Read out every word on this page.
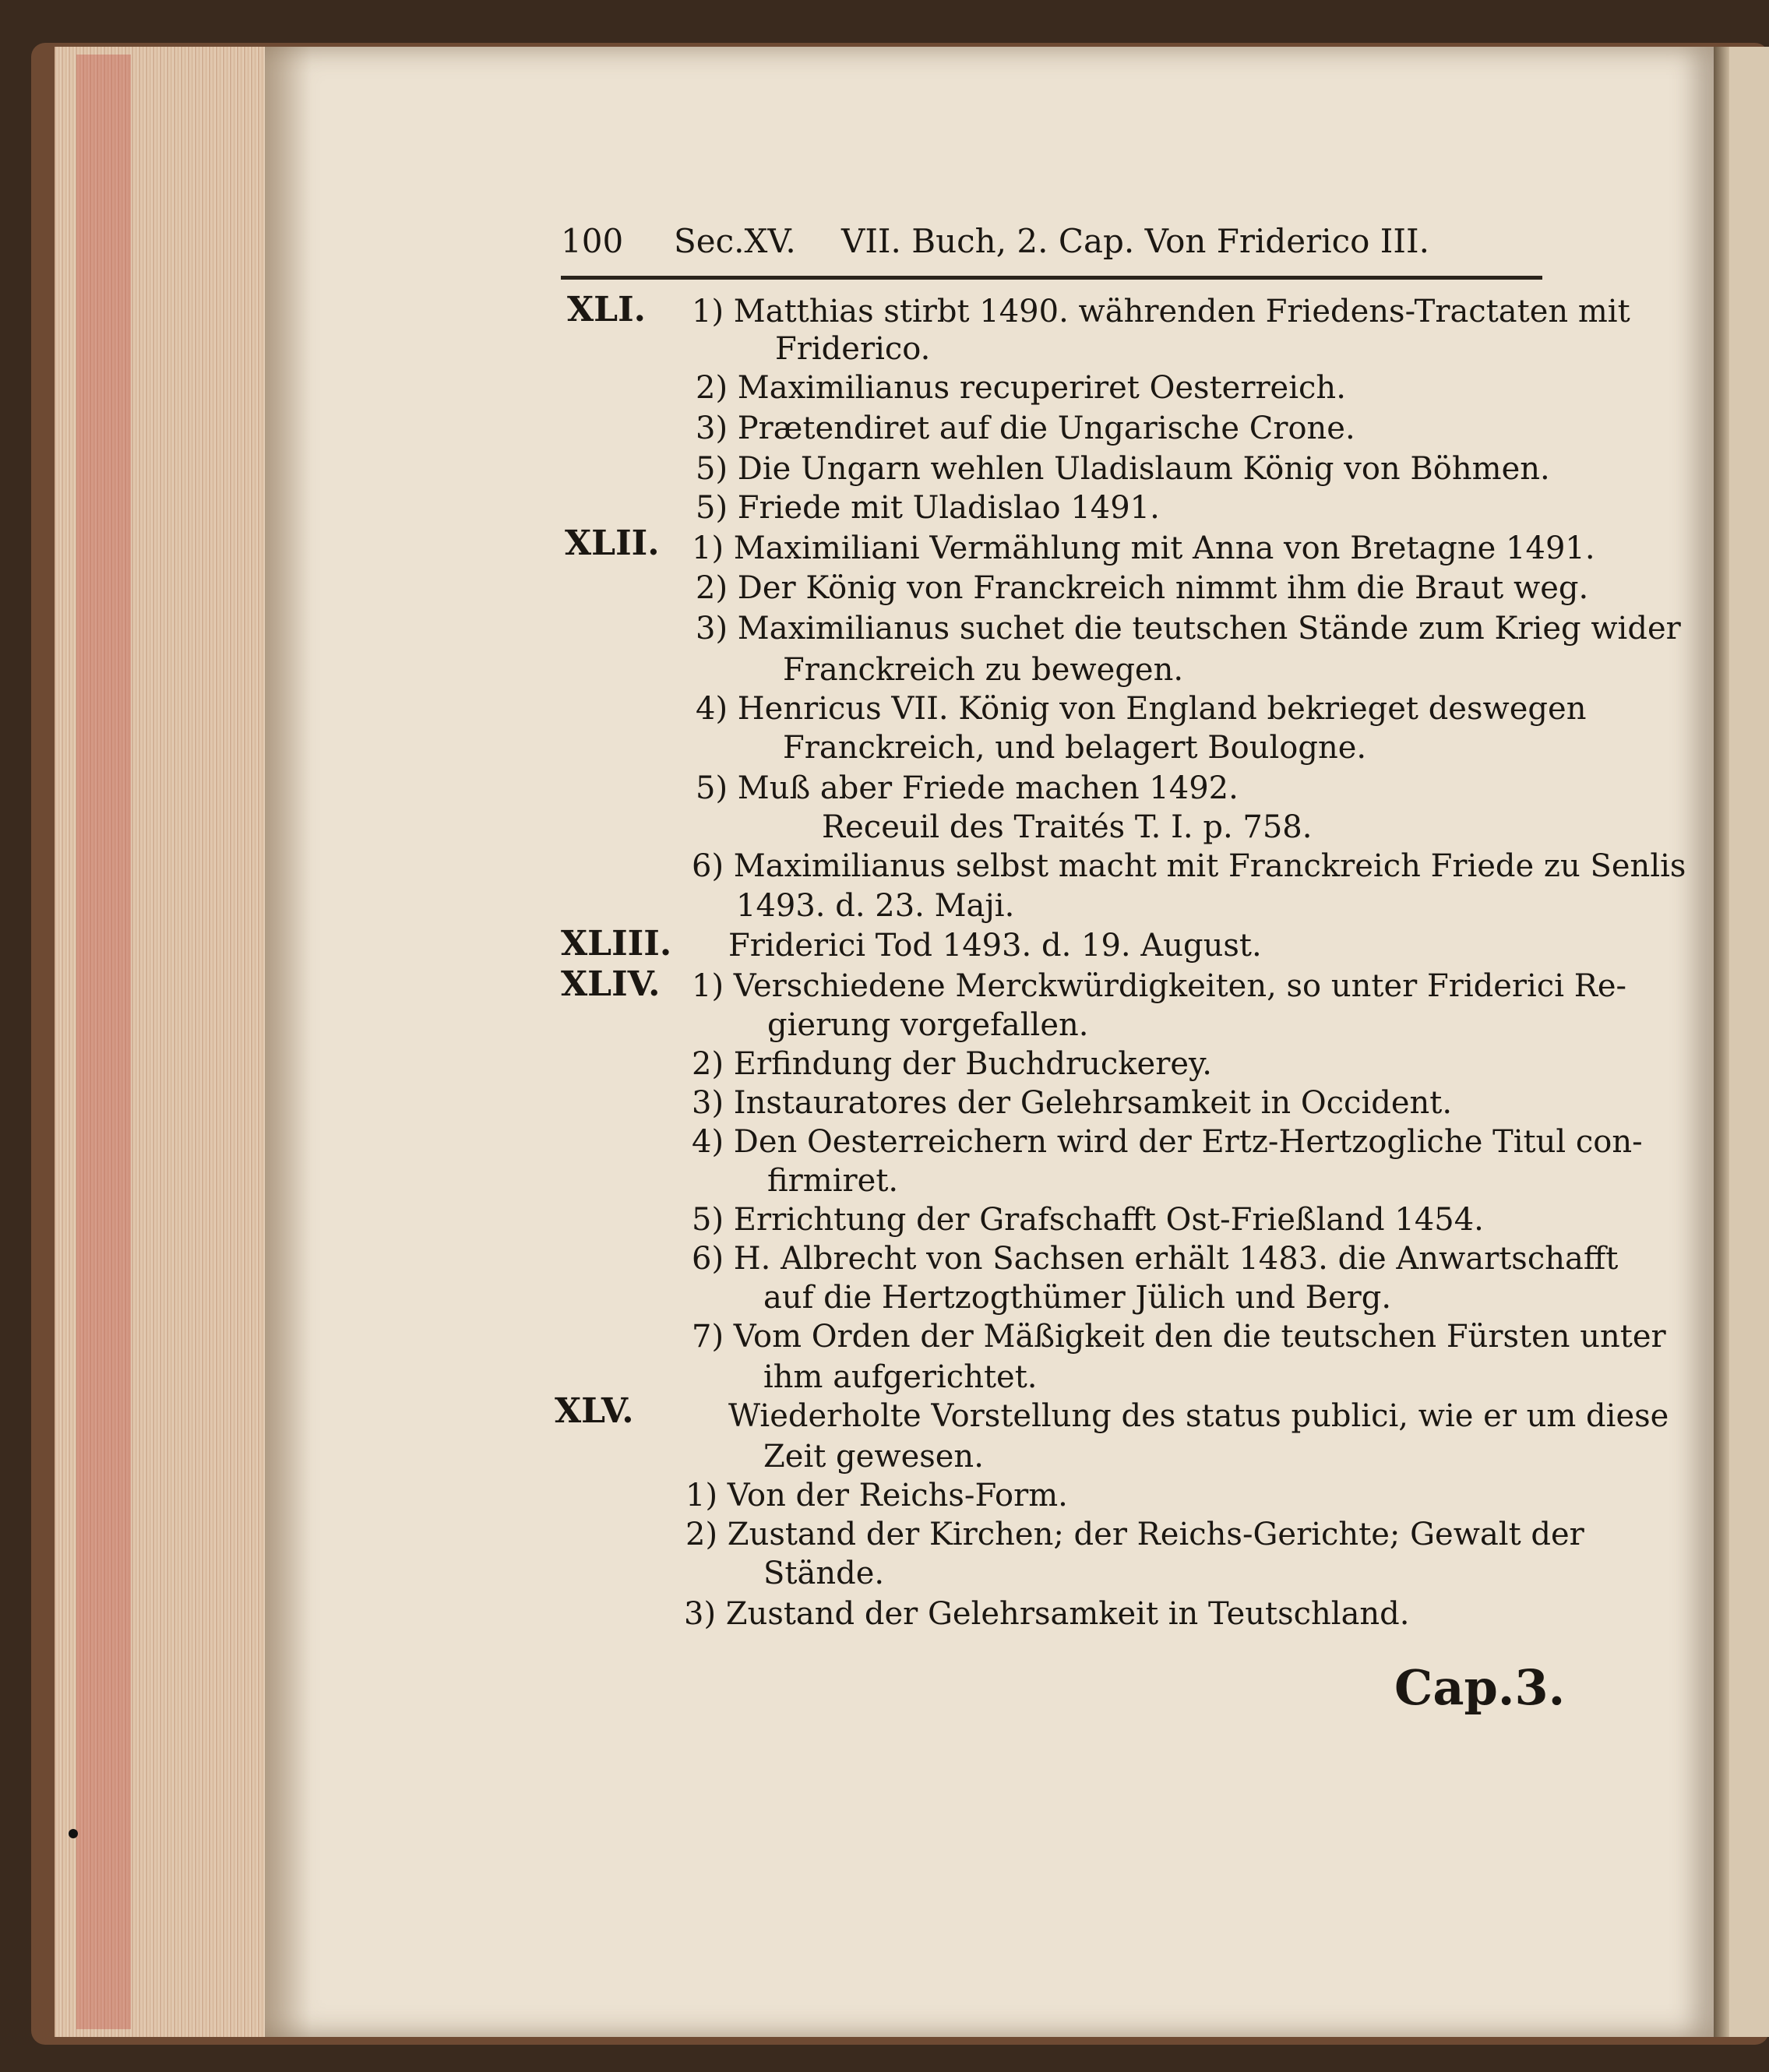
100 Sec.XV. VII. Buch, 2. Cap. Von Friderico III.
XLI. 1) Matthias stirbt 1490. währenden Friedens-Tractaten mit
Friderico.
2) Maximilianus recuperiret Oesterreich.
3) Prætendiret auf die Ungarische Crone.
5) Die Ungarn wehlen Uladislaum König von Böhmen.
5) Friede mit Uladislao 1491.
XLII. 1) Maximiliani Vermählung mit Anna von Bretagne 1491.
2) Der König von Franckreich nimmt ihm die Braut weg.
3) Maximilianus suchet die teutschen Stände zum Krieg wider
Franckreich zu bewegen.
4) Henricus VII. König von England bekrieget deswegen
Franckreich, und belagert Boulogne.
5) Muß aber Friede machen 1492.
Receuil des Traités T. I. p. 758.
6) Maximilianus selbst macht mit Franckreich Friede zu Senlis
1493. d. 23. Maji.
XLIII. Friderici Tod 1493. d. 19. August.
XLIV. 1) Verschiedene Merckwürdigkeiten, so unter Friderici Re-
gierung vorgefallen.
2) Erfindung der Buchdruckerey.
3) Instauratores der Gelehrsamkeit in Occident.
4) Den Oesterreichern wird der Ertz-Hertzogliche Titul con-
firmiret.
5) Errichtung der Grafschafft Ost-Frießland 1454.
6) H. Albrecht von Sachsen erhält 1483. die Anwartschafft
auf die Hertzogthümer Jülich und Berg.
7) Vom Orden der Mäßigkeit den die teutschen Fürsten unter
ihm aufgerichtet.
XLV.	Wiederholte Vorstellung des status publici, wie er um diese
Zeit gewesen.
1) Von der Reichs-Form.
2) Zustand der Kirchen; der Reichs-Gerichte; Gewalt der
Stände.
3) Zustand der Gelehrsamkeit in Teutschland.
Cap.3.
